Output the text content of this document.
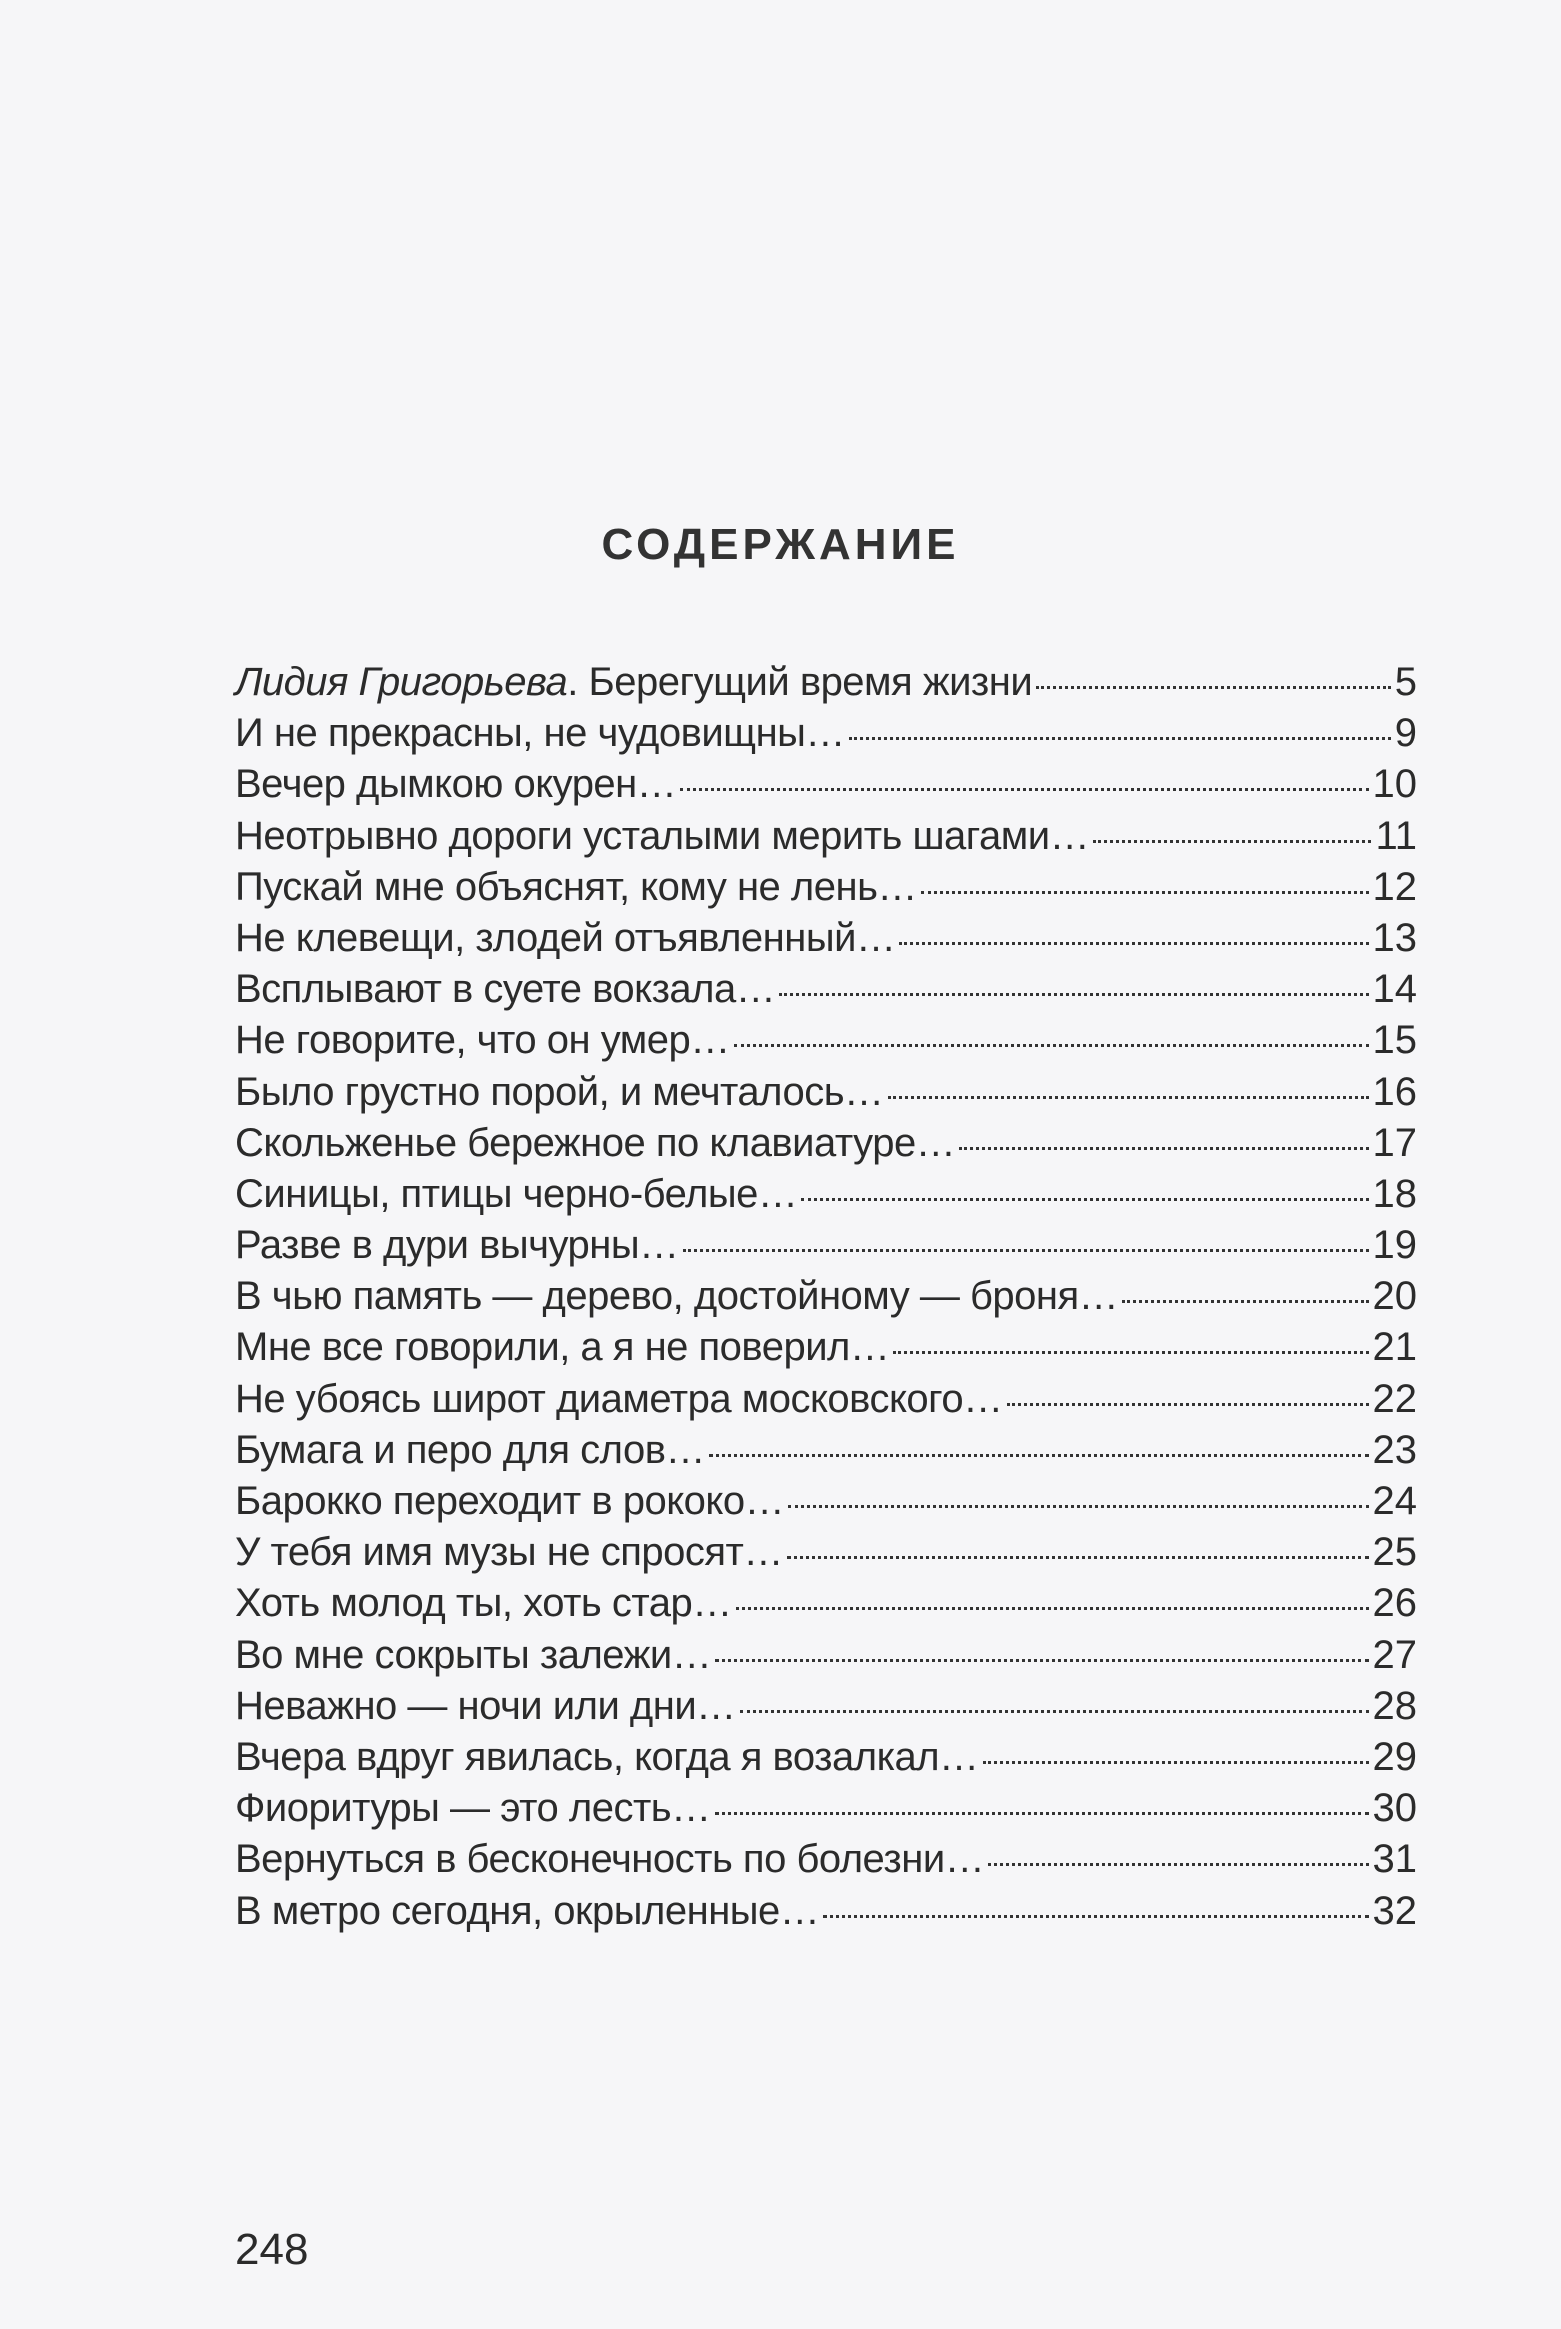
СОДЕРЖАНИЕ
Лидия Григорьева. Берегущий время жизни	5
И не прекрасны, не чудовищны…	9
Вечер дымкою окурен…	10
Неотрывно дороги усталыми мерить шагами…	11
Пускай мне объяснят, кому не лень…	12
Не клевещи, злодей отъявленный…	13
Всплывают в суете вокзала…	14
Не говорите, что он умер…	15
Было грустно порой, и мечталось…	16
Скольженье бережное по клавиатуре…	17
Синицы, птицы черно-белые…	18
Разве в дури вычурны…	19
В чью память — дерево, достойному — броня…	20
Мне все говорили, а я не поверил…	21
Не убоясь широт диаметра московского…	22
Бумага и перо для слов…	23
Барокко переходит в рококо…	24
У тебя имя музы не спросят…	25
Хоть молод ты, хоть стар…	26
Во мне сокрыты залежи…	27
Неважно — ночи или дни…	28
Вчера вдруг явилась, когда я возалкал…	29
Фиоритуры — это лесть…	30
Вернуться в бесконечность по болезни…	31
В метро сегодня, окрыленные…	32
248
